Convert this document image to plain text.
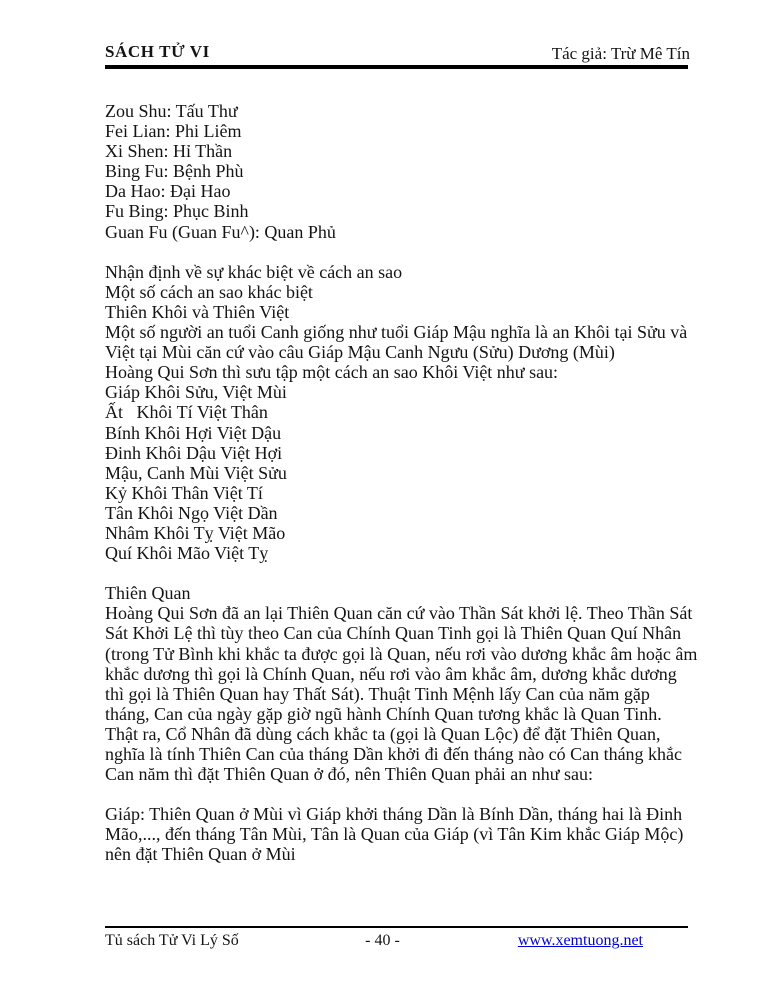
SÁCH TỬ VI	Tác giả: Trừ Mê Tín
Zou Shu: Tấu Thư
Fei Lian: Phi Liêm
Xi Shen: Hỉ Thần
Bing Fu: Bệnh Phù
Da Hao: Đại Hao
Fu Bing: Phục Binh
Guan Fu (Guan Fu^): Quan Phủ

Nhận định về sự khác biệt về cách an sao
Một số cách an sao khác biệt
Thiên Khôi và Thiên Việt
Một số người an tuổi Canh giống như tuổi Giáp Mậu nghĩa là an Khôi tại Sửu và
Việt tại Mùi căn cứ vào câu Giáp Mậu Canh Ngưu (Sửu) Dương (Mùi)
Hoàng Qui Sơn thì sưu tập một cách an sao Khôi Việt như sau:
Giáp Khôi Sửu, Việt Mùi
Ất   Khôi Tí Việt Thân
Bính Khôi Hợi Việt Dậu
Đinh Khôi Dậu Việt Hợi
Mậu, Canh Mùi Việt Sửu
Kỷ Khôi Thân Việt Tí
Tân Khôi Ngọ Việt Dần
Nhâm Khôi Tỵ Việt Mão
Quí Khôi Mão Việt Tỵ

Thiên Quan
Hoàng Qui Sơn đã an lại Thiên Quan căn cứ vào Thần Sát khởi lệ. Theo Thần Sát
Sát Khởi Lệ thì tùy theo Can của Chính Quan Tinh gọi là Thiên Quan Quí Nhân
(trong Tử Bình khi khắc ta được gọi là Quan, nếu rơi vào dương khắc âm hoặc âm
khắc dương thì gọi là Chính Quan, nếu rơi vào âm khắc âm, dương khắc dương
thì gọi là Thiên Quan hay Thất Sát). Thuật Tinh Mệnh lấy Can của năm gặp
tháng, Can của ngày gặp giờ ngũ hành Chính Quan tương khắc là Quan Tinh.
Thật ra, Cổ Nhân đã dùng cách khắc ta (gọi là Quan Lộc) để đặt Thiên Quan,
nghĩa là tính Thiên Can của tháng Dần khởi đi đến tháng nào có Can tháng khắc
Can năm thì đặt Thiên Quan ở đó, nên Thiên Quan phải an như sau:

Giáp: Thiên Quan ở Mùi vì Giáp khởi tháng Dần là Bính Dần, tháng hai là Đinh
Mão,..., đến tháng Tân Mùi, Tân là Quan của Giáp (vì Tân Kim khắc Giáp Mộc)
nên đặt Thiên Quan ở Mùi
Tủ sách Tử Vi Lý Số	- 40 -	www.xemtuong.net
